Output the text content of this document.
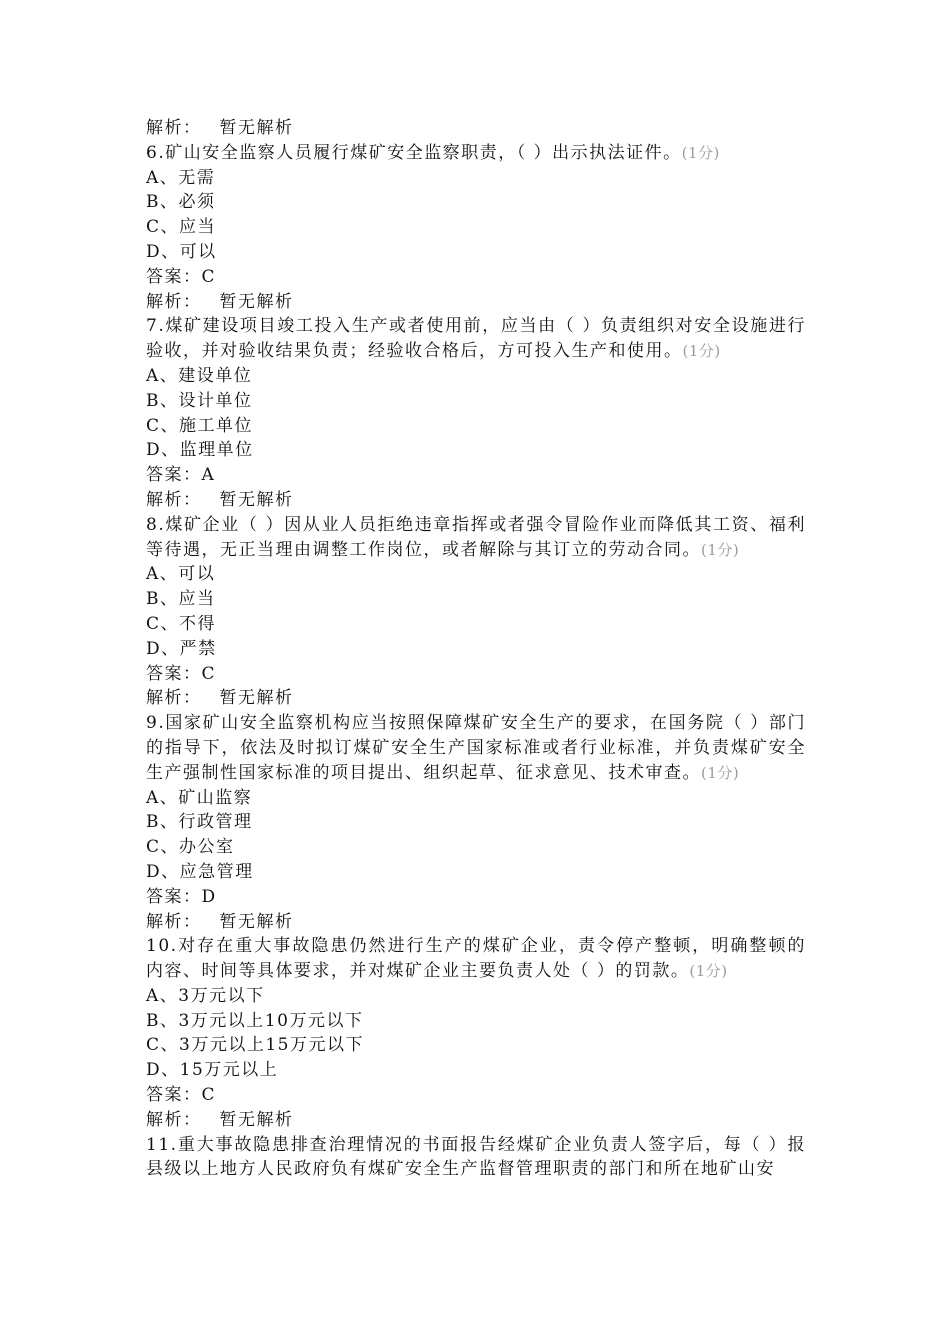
解析： 暂无解析
6.矿山安全监察人员履行煤矿安全监察职责，（ ）出示执法证件。(1分)
A、无需
B、必须
C、应当
D、可以
答案：C
解析： 暂无解析
7.煤矿建设项目竣工投入生产或者使用前，应当由（ ）负责组织对安全设施进行验收，并对验收结果负责；经验收合格后，方可投入生产和使用。(1分)
A、建设单位
B、设计单位
C、施工单位
D、监理单位
答案：A
解析： 暂无解析
8.煤矿企业（ ）因从业人员拒绝违章指挥或者强令冒险作业而降低其工资、福利等待遇，无正当理由调整工作岗位，或者解除与其订立的劳动合同。(1分)
A、可以
B、应当
C、不得
D、严禁
答案：C
解析： 暂无解析
9.国家矿山安全监察机构应当按照保障煤矿安全生产的要求，在国务院（ ）部门的指导下，依法及时拟订煤矿安全生产国家标准或者行业标准，并负责煤矿安全生产强制性国家标准的项目提出、组织起草、征求意见、技术审查。(1分)
A、矿山监察
B、行政管理
C、办公室
D、应急管理
答案：D
解析： 暂无解析
10.对存在重大事故隐患仍然进行生产的煤矿企业，责令停产整顿，明确整顿的内容、时间等具体要求，并对煤矿企业主要负责人处（ ）的罚款。(1分)
A、3万元以下
B、3万元以上10万元以下
C、3万元以上15万元以下
D、15万元以上
答案：C
解析： 暂无解析
11.重大事故隐患排查治理情况的书面报告经煤矿企业负责人签字后，每（ ）报县级以上地方人民政府负有煤矿安全生产监督管理职责的部门和所在地矿山安
